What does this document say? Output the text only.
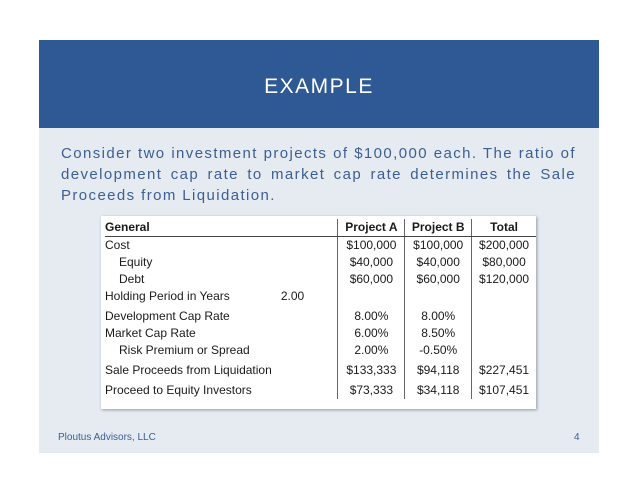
EXAMPLE
Consider two investment projects of $100,000 each. The ratio of development cap rate to market cap rate determines the Sale Proceeds from Liquidation.
General		Project A	Project B	Total
Cost		$100,000	$100,000	$200,000
Equity		$40,000	$40,000	$80,000
Debt		$60,000	$60,000	$120,000
Holding Period in Years	2.00			

Development Cap Rate		8.00%	8.00%	
Market Cap Rate		6.00%	8.50%	
Risk Premium or Spread		2.00%	-0.50%	

Sale Proceeds from Liquidation		$133,333	$94,118	$227,451

Proceed to Equity Investors		$73,333	$34,118	$107,451
Ploutus Advisors, LLC	4
